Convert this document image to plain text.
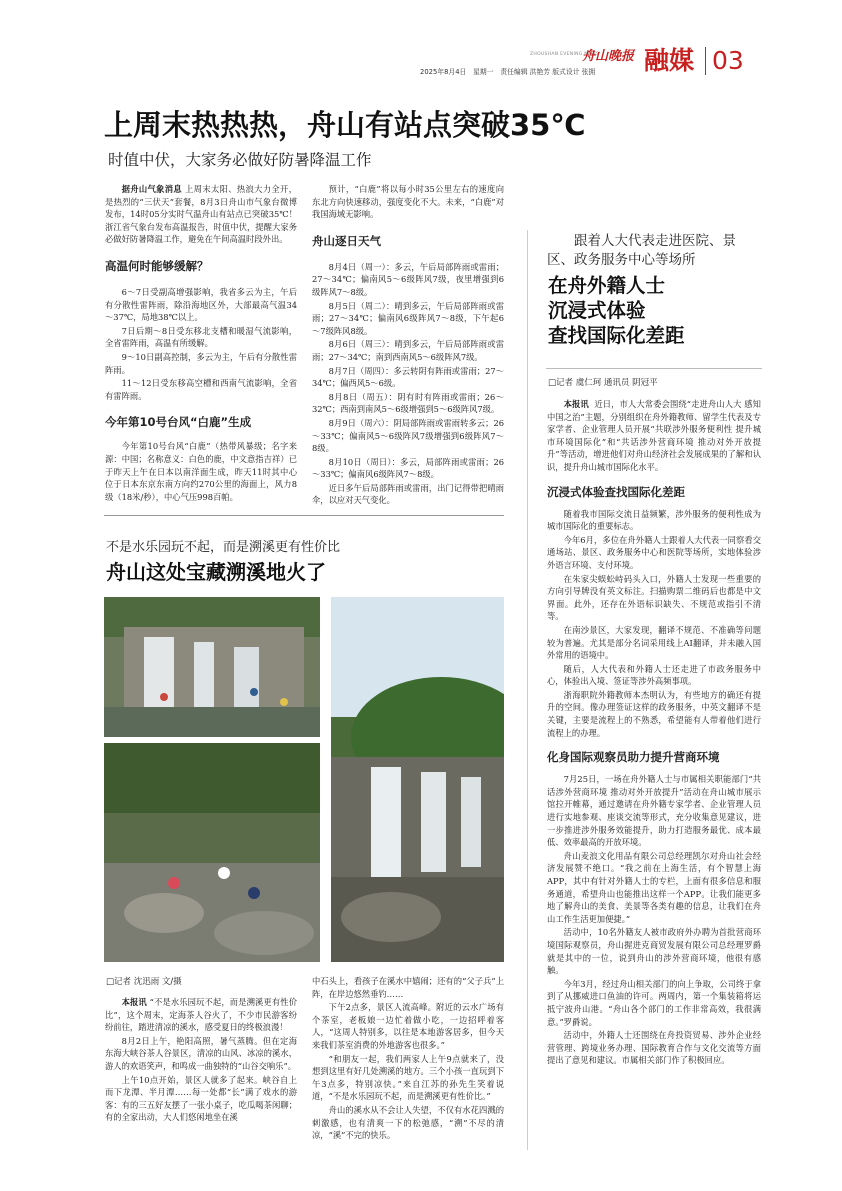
ZHOUSHAN EVENING NEWS
舟山晚报
2025年8月4日　星期一　责任编辑 洪艳芳 版式设计 张拥 融媒 03
上周末热热热，舟山有站点突破35℃
时值中伏，大家务必做好防暑降温工作

据舟山气象消息 上周末太阳、热浪大力全开，是热烈的“三伏天”套餐，8月3日舟山市气象台微博发布，14时05分实时气温舟山有站点已突破35℃！浙江省气象台发布高温报告，时值中伏，提醒大家务必做好防暑降温工作，避免在午间高温时段外出。

高温何时能够缓解？

6～7日受副高增强影响，我省多云为主，午后有分散性雷阵雨，除沿海地区外，大部最高气温34～37℃，局地38℃以上。

7日后期～8日受东移北支槽和暖湿气流影响，全省雷阵雨，高温有所缓解。

9～10日副高控制，多云为主，午后有分散性雷阵雨。

11～12日受东移高空槽和西南气流影响，全省有雷阵雨。

今年第10号台风“白鹿”生成

今年第10号台风“白鹿”（热带风暴级；名字来源：中国；名称意义：白色的鹿，中文意指吉祥）已于昨天上午在日本以南洋面生成，昨天11时其中心位于日本东京东南方向约270公里的海面上，风力8级（18米/秒），中心气压998百帕。

预计，“白鹿”将以每小时35公里左右的速度向东北方向快速移动，强度变化不大。未来，“白鹿”对我国海域无影响。

舟山逐日天气

8月4日（周一）：多云，午后局部阵雨或雷雨；27～34℃；偏南风5～6级阵风7级，夜里增强到6级阵风7～8级。

8月5日（周二）：晴到多云，午后局部阵雨或雷雨；27～34℃；偏南风6级阵风7～8级，下午起6～7级阵风8级。

8月6日（周三）：晴到多云，午后局部阵雨或雷雨；27～34℃；南到西南风5～6级阵风7级。

8月7日（周四）：多云转阴有阵雨或雷雨；27～34℃；偏西风5～6级。

8月8日（周五）：阴有时有阵雨或雷雨；26～32℃；西南到南风5～6级增强到5～6级阵风7级。

8月9日（周六）：阴局部阵雨或雷雨转多云；26～33℃；偏南风5～6级阵风7级增强到6级阵风7～8级。

8月10日（周日）：多云，局部阵雨或雷雨；26～33℃；偏南风6级阵风7～8级。

近日多午后局部阵雨或雷雨，出门记得带把晴雨伞，以应对天气变化。

不是水乐园玩不起，而是溯溪更有性价比
舟山这处宝藏溯溪地火了
□记者 沈迅雨 文/摄

本报讯 “不是水乐园玩不起，而是溯溪更有性价比”，这个周末，定海茶人谷火了，不少市民游客纷纷前往，踏进清凉的溪水，感受夏日的终极浪漫！

8月2日上午，艳阳高照，暑气蒸腾。但在定海东海大峡谷茶人谷景区，清凉的山风、冰凉的溪水，游人的欢语笑声，和鸣成一曲独特的“山谷交响乐”。

上午10点开始，景区人就多了起来。峡谷自上而下龙潭、半月潭……每一处都“长”满了戏水的游客：有的三五好友摆了一张小桌子，吃瓜喝茶闲聊；有的全家出动，大人们悠闲地坐在溪

中石头上，看孩子在溪水中嬉闹；还有的“父子兵”上阵，在岸边悠然垂钓……

下午2点多，景区人流高峰。附近的云水广场有个茶室，老板娘一边忙着做小吃，一边招呼着客人，“这周人特别多，以往是本地游客居多，但今天来我们茶室消费的外地游客也很多。”

“和朋友一起，我们两家人上午9点就来了，没想到这里有好几处溯溪的地方。三个小孩一直玩到下午3点多，特别凉快。”来自江苏的孙先生笑着说道，“不是水乐园玩不起，而是溯溪更有性价比。”

舟山的溪水从不会让人失望，不仅有水花四溅的刺激感，也有清爽一下的松弛感，“溯”不尽的清凉，“溪”不完的快乐。

跟着人大代表走进医院、景区、政务服务中心等场所
在舟外籍人士
沉浸式体验
查找国际化差距
□记者 虞仁珂 通讯员 阴冠平

本报讯 近日，市人大常委会围绕“走进舟山人大 感知中国之治”主题，分别组织在舟外籍教师、留学生代表及专家学者、企业管理人员开展“共联涉外服务便利性 提升城市环境国际化”和“共话涉外营商环境 推动对外开放提升”等活动，增进他们对舟山经济社会发展成果的了解和认识，提升舟山城市国际化水平。

沉浸式体验查找国际化差距

随着我市国际交流日益频繁，涉外服务的便利性成为城市国际化的重要标志。

今年6月，多位在舟外籍人士跟着人大代表一同察看交通场站、景区、政务服务中心和医院等场所，实地体验涉外语言环境、支付环境。

在朱家尖蜈蚣峙码头入口，外籍人士发现一些重要的方向引导牌没有英文标注。扫描购票二维码后也都是中文界面。此外，还存在外语标识缺失、不规范或指引不清等。

在南沙景区，大家发现，翻译不规范、不准确等问题较为普遍。尤其是部分名词采用线上AI翻译，并未融入国外常用的语境中。

随后，人大代表和外籍人士还走进了市政务服务中心，体验出入境、签证等涉外高频事项。

浙海职院外籍教师本杰明认为，有些地方的确还有提升的空间。像办理签证这样的政务服务，中英文翻译不是关键，主要是流程上的不熟悉，希望能有人带着他们进行流程上的办理。

化身国际观察员助力提升营商环境

7月25日，一场在舟外籍人士与市属相关职能部门“共话涉外营商环境 推动对外开放提升”活动在舟山城市展示馆拉开帷幕，通过邀请在舟外籍专家学者、企业管理人员进行实地参观、座谈交流等形式，充分收集意见建议，进一步推进涉外服务效能提升，助力打造服务最优、成本最低、效率最高的开放环境。

舟山麦浪文化用品有限公司总经理凯尔对舟山社会经济发展赞不绝口。“我之前在上海生活，有个智慧上海APP，其中有针对外籍人士的专栏，上面有很多信息和服务通道，希望舟山也能推出这样一个APP。让我们能更多地了解舟山的美食、美景等各类有趣的信息，让我们在舟山工作生活更加便捷。”

活动中，10名外籍友人被市政府外办聘为首批营商环境国际观察员，舟山握进克商贸发展有限公司总经理罗爵就是其中的一位，说到舟山的涉外营商环境，他很有感触。

今年3月，经过舟山相关部门的向上争取，公司终于拿到了从挪威进口鱼油的许可。两周内，第一个集装箱将运抵宁波舟山港。“舟山各个部门的工作非常高效，我很满意。”罗爵说。

活动中，外籍人士还围绕在舟投资贸易、涉外企业经营管理、跨境业务办理、国际教育合作与文化交流等方面提出了意见和建议。市属相关部门作了积极回应。
